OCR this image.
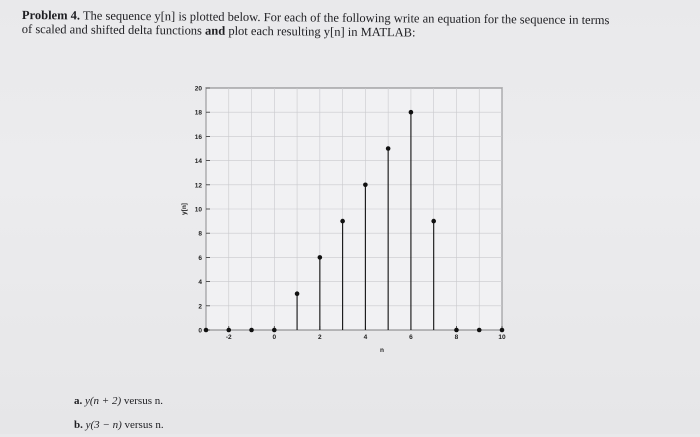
Problem 4. The sequence y[n] is plotted below. For each of the following write an equation for the sequence in terms
of scaled and shifted delta functions and plot each resulting y[n] in MATLAB:
0
2
4
6
8
10
12
14
16
18
20
-2	0	2	4	6	8	10
n
y[n]
a. y(n + 2) versus n.
b. y(3 − n) versus n.
